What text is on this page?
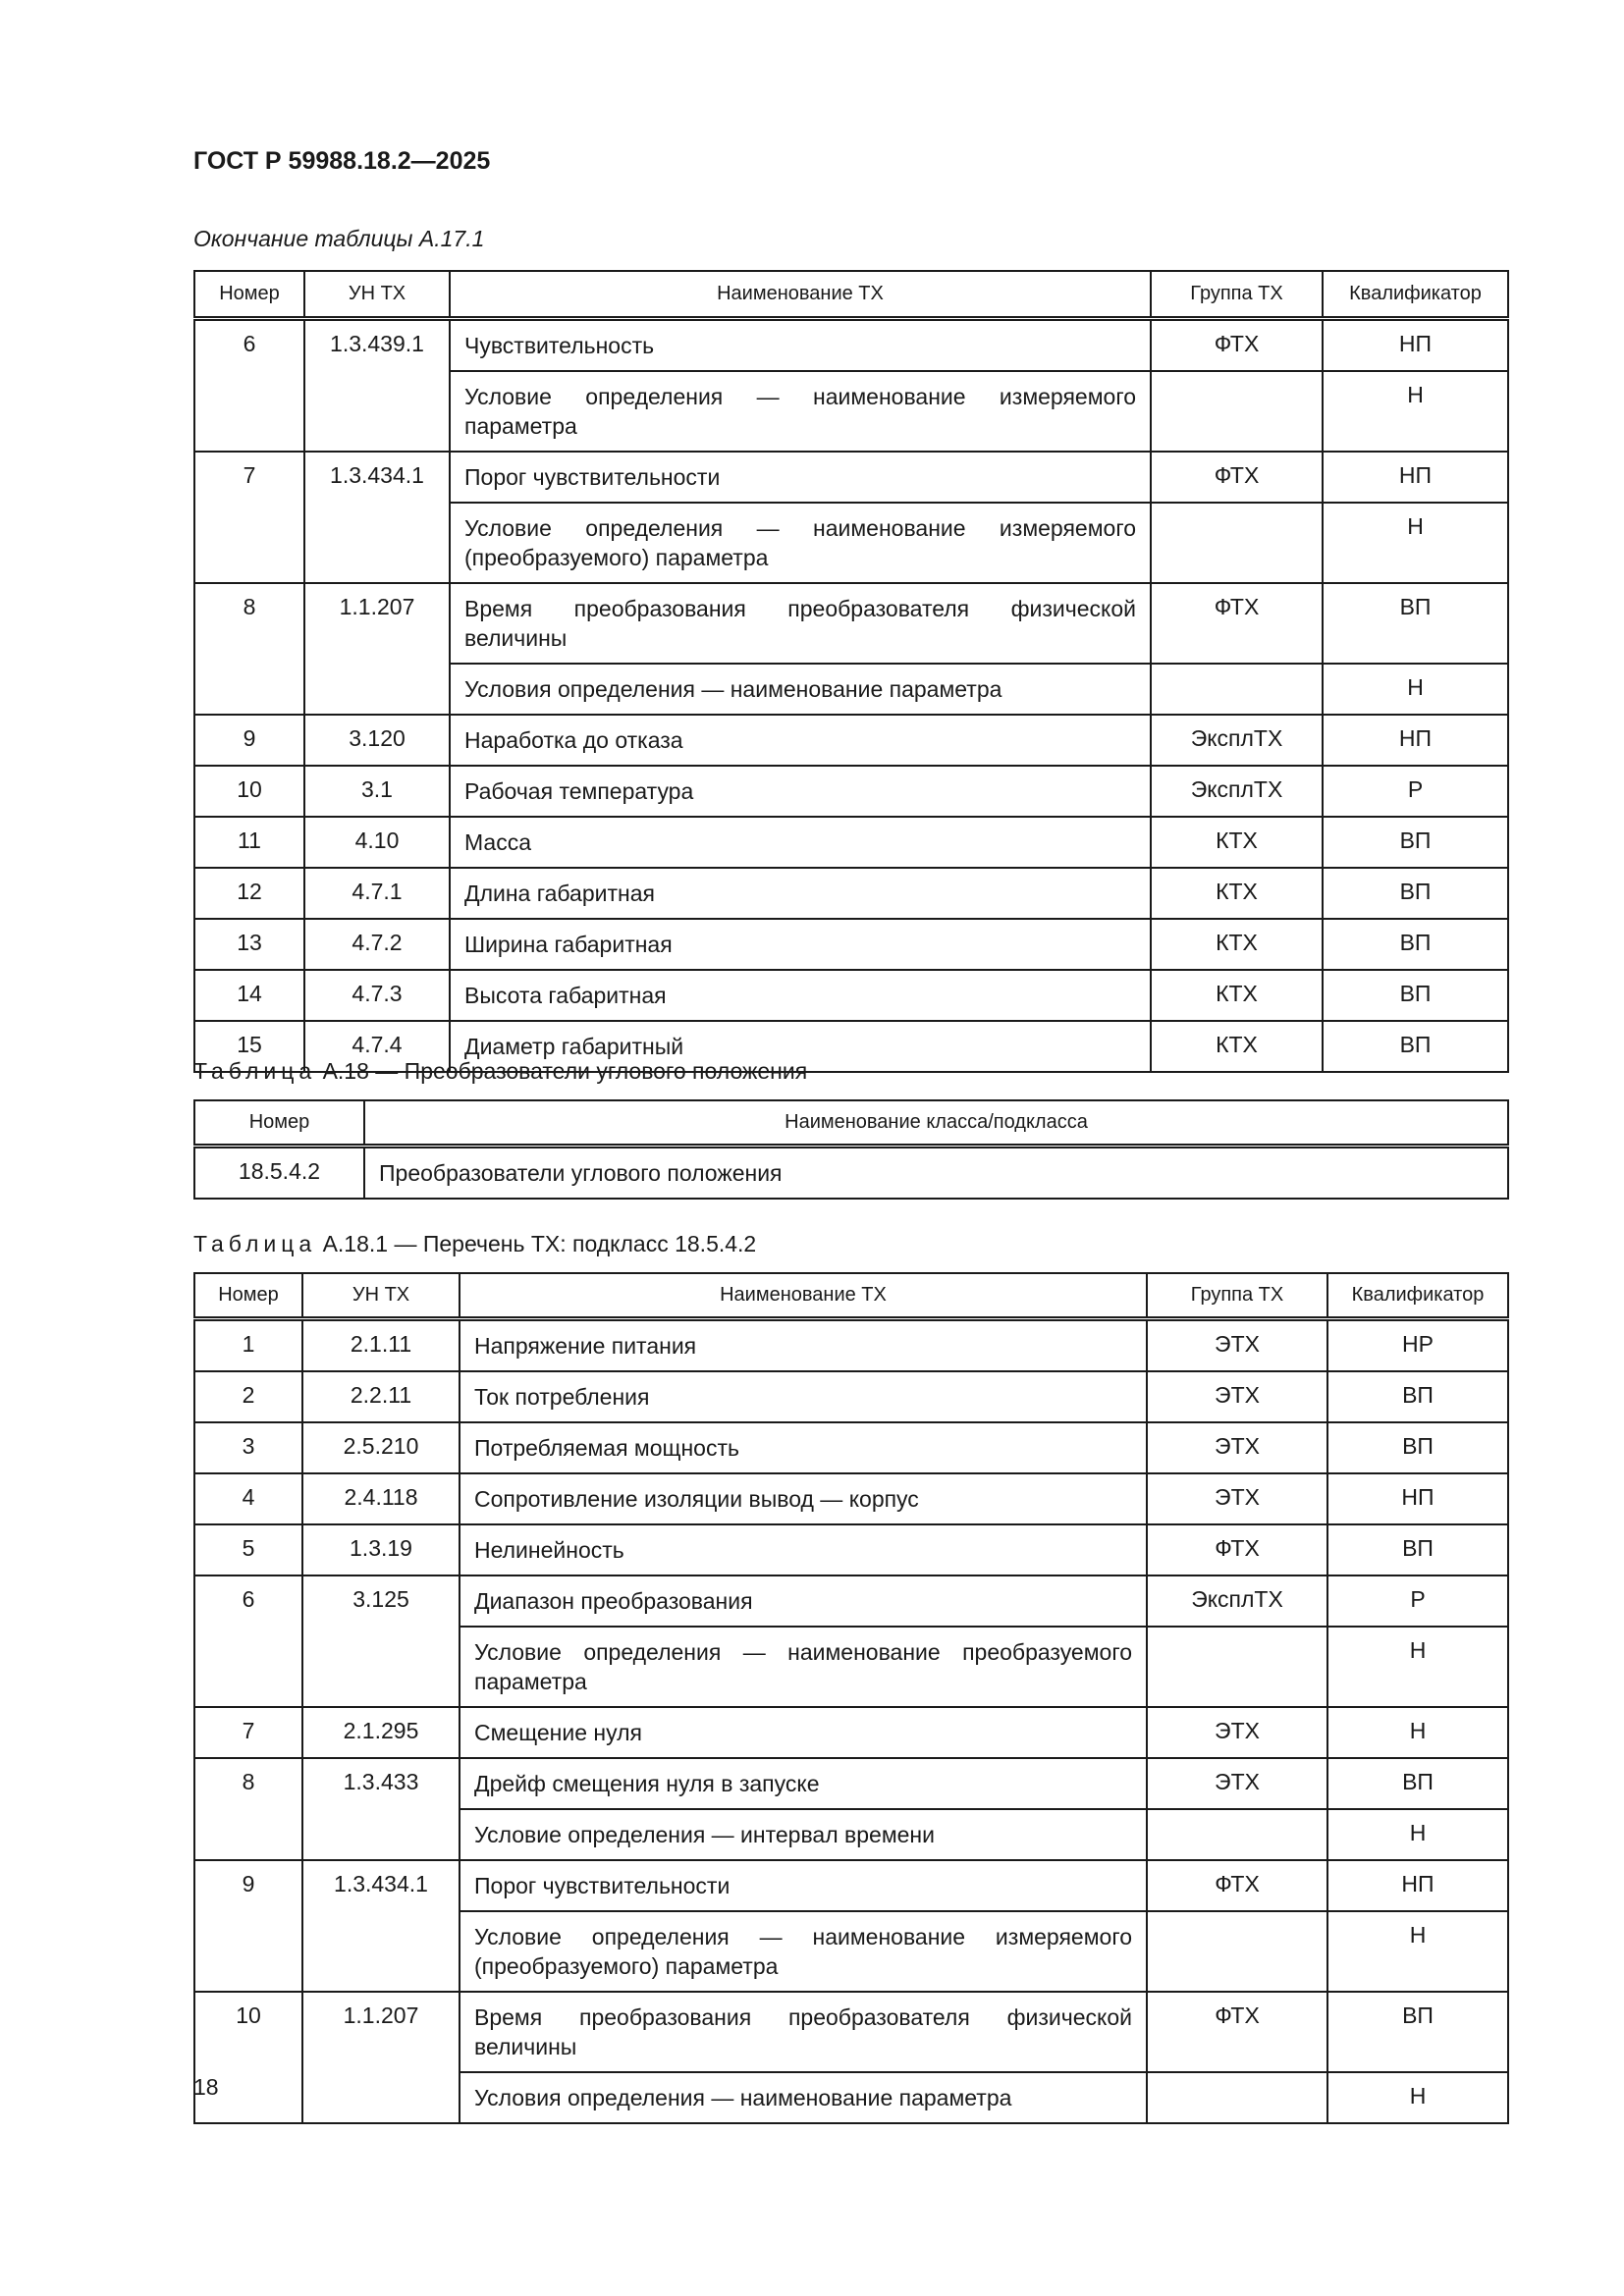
ГОСТ Р 59988.18.2—2025
Окончание таблицы А.17.1
Номер	УН ТХ	Наименование ТХ	Группа ТХ	Квалификатор
6	1.3.439.1	Чувствительность	ФТХ	НП
		Условие определения — наименование измеряемого параметра		Н
7	1.3.434.1	Порог чувствительности	ФТХ	НП
		Условие определения — наименование измеряемого (преобразуемого) параметра		Н
8	1.1.207	Время преобразования преобразователя физической величины	ФТХ	ВП
		Условия определения — наименование параметра		Н
9	3.120	Наработка до отказа	ЭксплТХ	НП
10	3.1	Рабочая температура	ЭксплТХ	Р
11	4.10	Масса	КТХ	ВП
12	4.7.1	Длина габаритная	КТХ	ВП
13	4.7.2	Ширина габаритная	КТХ	ВП
14	4.7.3	Высота габаритная	КТХ	ВП
15	4.7.4	Диаметр габаритный	КТХ	ВП
Таблица А.18 — Преобразователи углового положения
Номер	Наименование класса/подкласса
18.5.4.2	Преобразователи углового положения
Таблица А.18.1 — Перечень ТХ: подкласс 18.5.4.2
Номер	УН ТХ	Наименование ТХ	Группа ТХ	Квалификатор
1	2.1.11	Напряжение питания	ЭТХ	НР
2	2.2.11	Ток потребления	ЭТХ	ВП
3	2.5.210	Потребляемая мощность	ЭТХ	ВП
4	2.4.118	Сопротивление изоляции вывод — корпус	ЭТХ	НП
5	1.3.19	Нелинейность	ФТХ	ВП
6	3.125	Диапазон преобразования	ЭксплТХ	Р
		Условие определения — наименование преобразуемого параметра		Н
7	2.1.295	Смещение нуля	ЭТХ	Н
8	1.3.433	Дрейф смещения нуля в запуске	ЭТХ	ВП
		Условие определения — интервал времени		Н
9	1.3.434.1	Порог чувствительности	ФТХ	НП
		Условие определения — наименование измеряемого (преобразуемого) параметра		Н
10	1.1.207	Время преобразования преобразователя физической величины	ФТХ	ВП
		Условия определения — наименование параметра		Н
18
